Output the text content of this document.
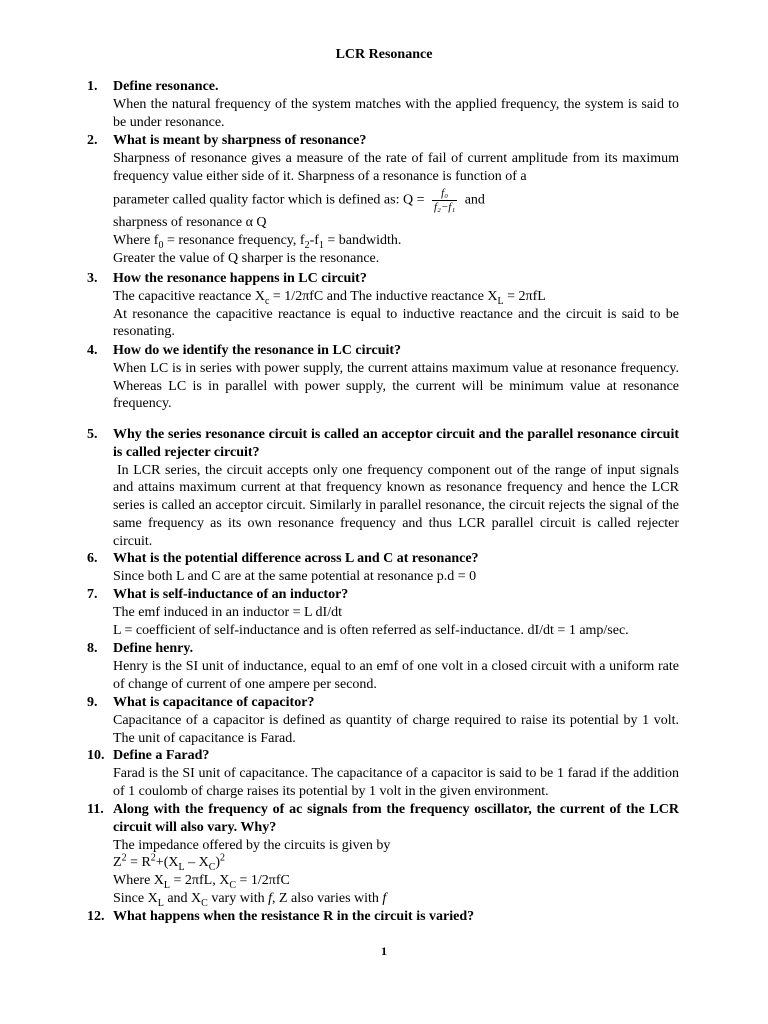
LCR Resonance
1. Define resonance.
When the natural frequency of the system matches with the applied frequency, the system is said to be under resonance.
2. What is meant by sharpness of resonance?
Sharpness of resonance gives a measure of the rate of fail of current amplitude from its maximum frequency value either side of it. Sharpness of a resonance is function of a
parameter called quality factor which is defined as: $Q = \frac{\text{f₀}}{\text{f₂−f₁}}$ and
sharpness of resonance α Q
Where $f_0$ = resonance frequency, $f_2-f_1$ = bandwidth.
Greater the value of Q sharper is the resonance.
3. How the resonance happens in LC circuit?
The capacitive reactance $X_c = 1/2\pi fC$ and The inductive reactance $X_L = 2\pi fL$
At resonance the capacitive reactance is equal to inductive reactance and the circuit is said to be resonating.
4. How do we identify the resonance in LC circuit?
When LC is in series with power supply, the current attains maximum value at resonance frequency. Whereas LC is in parallel with power supply, the current will be minimum value at resonance frequency.
5. Why the series resonance circuit is called an acceptor circuit and the parallel resonance circuit is called rejecter circuit?
In LCR series, the circuit accepts only one frequency component out of the range of input signals and attains maximum current at that frequency known as resonance frequency and hence the LCR series is called an acceptor circuit. Similarly in parallel resonance, the circuit rejects the signal of the same frequency as its own resonance frequency and thus LCR parallel circuit is called rejecter circuit.
6. What is the potential difference across L and C at resonance?
Since both L and C are at the same potential at resonance p.d = 0
7. What is self-inductance of an inductor?
The emf induced in an inductor = L dI/dt
L = coefficient of self-inductance and is often referred as self-inductance. dI/dt = 1 amp/sec.
8. Define henry.
Henry is the SI unit of inductance, equal to an emf of one volt in a closed circuit with a uniform rate of change of current of one ampere per second.
9. What is capacitance of capacitor?
Capacitance of a capacitor is defined as quantity of charge required to raise its potential by 1 volt. The unit of capacitance is Farad.
10. Define a Farad?
Farad is the SI unit of capacitance. The capacitance of a capacitor is said to be 1 farad if the addition of 1 coulomb of charge raises its potential by 1 volt in the given environment.
11. Along with the frequency of ac signals from the frequency oscillator, the current of the LCR circuit will also vary. Why?
The impedance offered by the circuits is given by
$Z^2 = R^2+(X_L - X_C)^2$
Where $X_L = 2\pi fL$, $X_C = 1/2\pi fC$
Since $X_L$ and $X_C$ vary with f, Z also varies with f
12. What happens when the resistance R in the circuit is varied?
1
